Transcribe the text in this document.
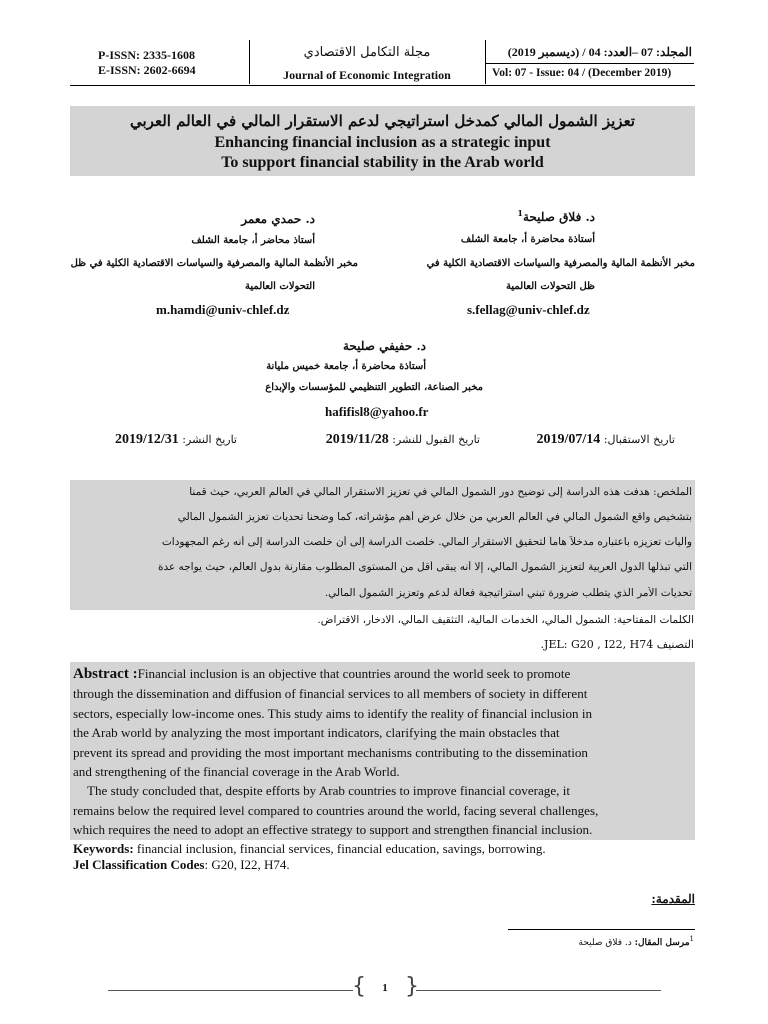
P-ISSN: 2335-1608
E-ISSN: 2602-6694
مجلة التكامل الاقتصادي
Journal of Economic Integration
المجلد: 07 –العدد: 04 / (ديسمبر 2019)
Vol: 07 - Issue: 04 / (December 2019)
تعزيز الشمول المالي كمدخل استراتيجي لدعم الاستقرار المالي في العالم العربي
Enhancing financial inclusion as a strategic input
To support financial stability in the Arab world
د. فلاق صليحة$^1$
أستاذة محاضرة أ، جامعة الشلف
مخبر الأنظمة المالية والمصرفية والسياسات الاقتصادية الكلية في
ظل التحولات العالمية
s.fellag@univ-chlef.dz
د. حمدي معمر
أستاذ محاضر أ، جامعة الشلف
مخبر الأنظمة المالية والمصرفية والسياسات الاقتصادية الكلية في ظل
التحولات العالمية
m.hamdi@univ-chlef.dz
د. حفيفي صليحة
أستاذة محاضرة أ، جامعة خميس مليانة
مخبر الصناعة، التطوير التنظيمي للمؤسسات والإبداع
hafifisl8@yahoo.fr
تاريخ الاستقبال: 2019/07/14
تاريخ القبول للنشر: 2019/11/28
تاريخ النشر: 2019/12/31
الملخص: هدفت هذه الدراسة إلى توضيح دور الشمول المالي في تعزيز الاستقرار المالي في العالم العربي، حيث قمنا
بتشخيص واقع الشمول المالي في العالم العربي من خلال عرض أهم مؤشراته، كما وضحنا تحديات تعزيز الشمول المالي
وآليات تعزيزه باعتباره مدخلاً هاماً لتحقيق الاستقرار المالي. خلصت الدراسة إلى أن خلصت الدراسة إلى أنه رغم المجهودات
التي تبذلها الدول العربية لتعزيز الشمول المالي، إلا أنه يبقى أقل من المستوى المطلوب مقارنة بدول العالم، حيث يواجه عدة
تحديات الأمر الذي يتطلب ضرورة تبني استراتيجية فعالة لدعم وتعزيز الشمول المالي.
الكلمات المفتاحية: الشمول المالي، الخدمات المالية، التثقيف المالي، الادخار، الاقتراض.
التصنيف JEL: G20 , I22, H74.
Abstract :Financial inclusion is an objective that countries around the world seek to promote
through the dissemination and diffusion of financial services to all members of society in different
sectors, especially low-income ones. This study aims to identify the reality of financial inclusion in
the Arab world by analyzing the most important indicators, clarifying the main obstacles that
prevent its spread and providing the most important mechanisms contributing to the dissemination
and strengthening of the financial coverage in the Arab World.
The study concluded that, despite efforts by Arab countries to improve financial coverage, it
remains below the required level compared to countries around the world, facing several challenges,
which requires the need to adopt an effective strategy to support and strengthen financial inclusion.
Keywords: financial inclusion, financial services, financial education, savings, borrowing.
Jel Classification Codes: G20, I22, H74.
المقدمة:
$^1$مرسل المقال: د. فلاق صليحة
{ }
1
